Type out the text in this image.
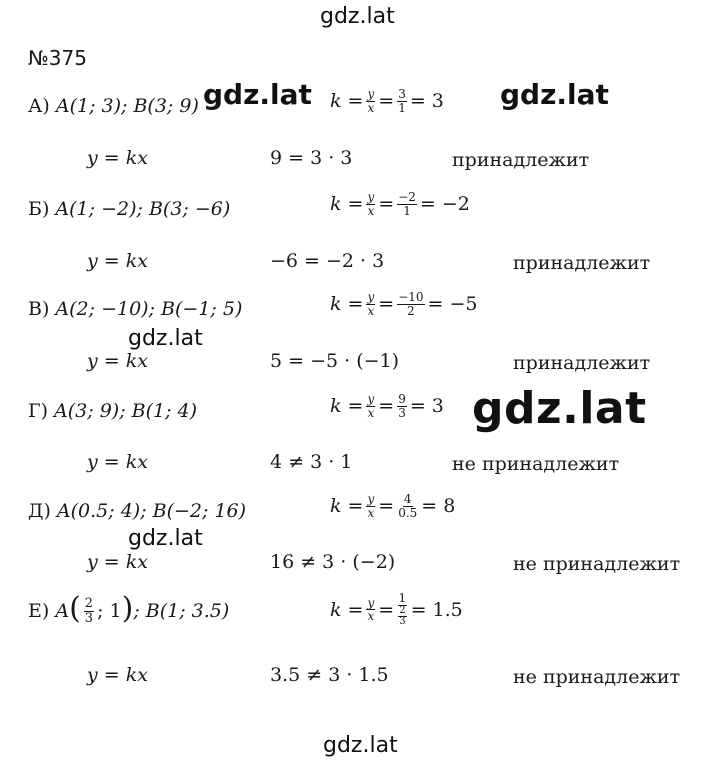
gdz.lat
gdz.lat
№375
А)
A(1; 3); B(3; 9)	$k = \frac{y}{x} = \frac{3}{1} = 3$
gdz.lat	gdz.lat
y = kx	9 = 3 · 3	принадлежит
Б)
A(1; −2); B(3; −6)	$k = \frac{y}{x} = \frac{-2}{1} = -2$
y = kx	−6 = −2 · 3	принадлежит
В)
A(2; −10); B(−1; 5)	$k = \frac{y}{x} = \frac{-10}{2} = -5$
y = kx	5 = −5 · (−1)	принадлежит
gdz.lat
Г)
A(3; 9); B(1; 4)	$k = \frac{y}{x} = \frac{9}{3} = 3$ gdz.lat
y = kx	4 ≠ 3 · 1	не принадлежит
Д)
A(0.5; 4); B(−2; 16)	$k = \frac{y}{x} = \frac{4}{0.5} = 8$
y = kx	16 ≠ 3 · (−2)	не принадлежит
gdz.lat
Е)
A ( $\frac{2}{3}$ ; 1 ) ; B(1; 3.5)	$k = \frac{y}{x} = \frac{1}{\frac{2}{3}} = 1.5$
y = kx	3.5 ≠ 3 · 1.5	не принадлежит
